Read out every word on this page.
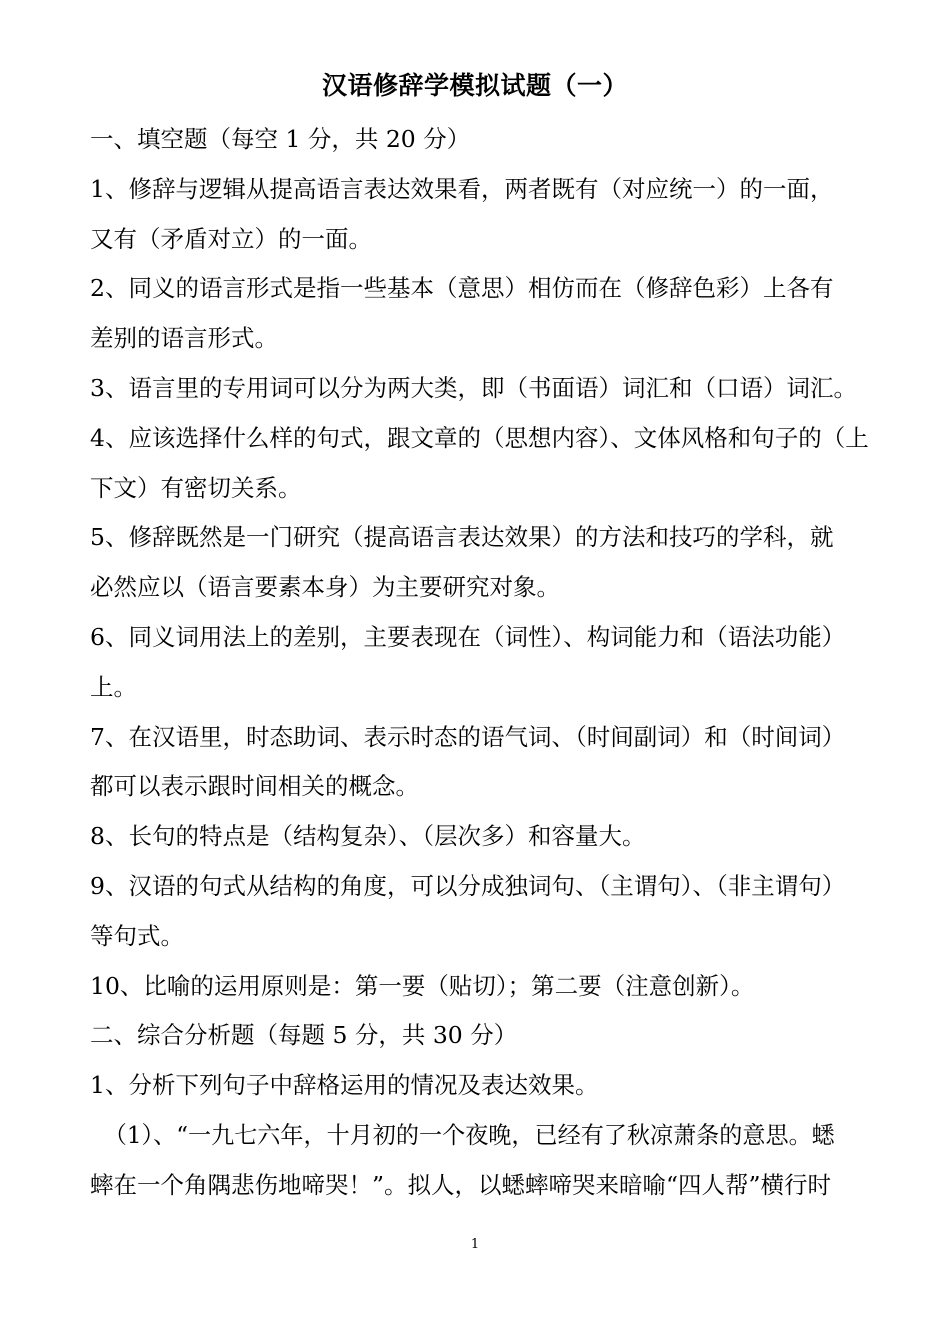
汉语修辞学模拟试题（一）
一、填空题（每空 1 分，共 20 分）
1、修辞与逻辑从提高语言表达效果看，两者既有（对应统一）的一面，
又有（矛盾对立）的一面。
2、同义的语言形式是指一些基本（意思）相仿而在（修辞色彩）上各有
差别的语言形式。
3、语言里的专用词可以分为两大类，即（书面语）词汇和（口语）词汇。
4、应该选择什么样的句式，跟文章的（思想内容）、文体风格和句子的（上
下文）有密切关系。
5、修辞既然是一门研究（提高语言表达效果）的方法和技巧的学科，就
必然应以（语言要素本身）为主要研究对象。
6、同义词用法上的差别，主要表现在（词性）、构词能力和（语法功能）
上。
7、在汉语里，时态助词、表示时态的语气词、（时间副词）和（时间词）
都可以表示跟时间相关的概念。
8、长句的特点是（结构复杂）、（层次多）和容量大。
9、汉语的句式从结构的角度，可以分成独词句、（主谓句）、（非主谓句）
等句式。
10、比喻的运用原则是：第一要（贴切）；第二要（注意创新）。
二、综合分析题（每题 5 分，共 30 分）
1、分析下列句子中辞格运用的情况及表达效果。
（1）、“一九七六年，十月初的一个夜晚，已经有了秋凉萧条的意思。蟋
蟀在一个角隅悲伤地啼哭！”。拟人，以蟋蟀啼哭来暗喻“四人帮”横行时
1
